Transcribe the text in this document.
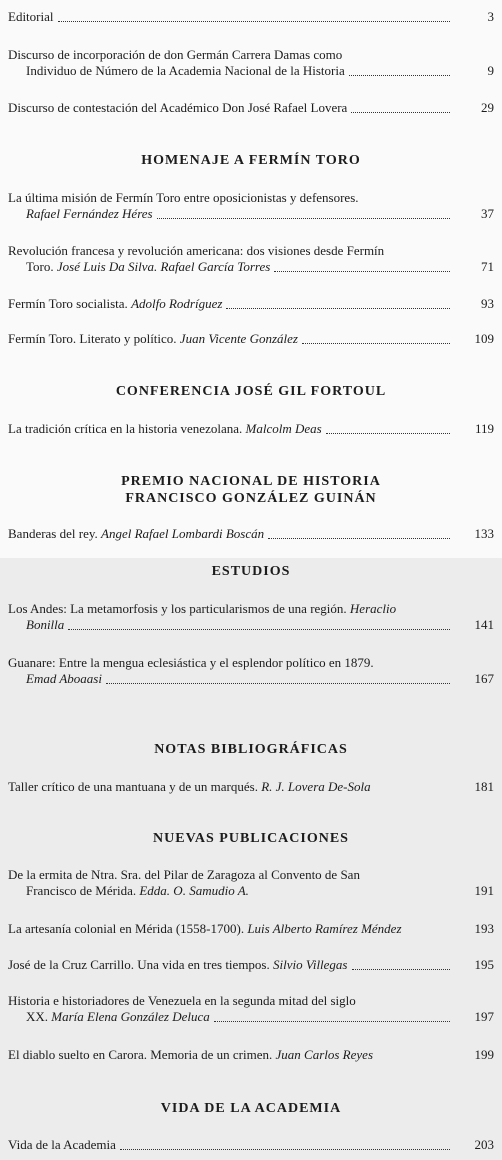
Editorial	3
Discurso de incorporación de don Germán Carrera Damas como
Individuo de Número de la Academia Nacional de la Historia	9
Discurso de contestación del Académico Don José Rafael Lovera	29
HOMENAJE A FERMÍN TORO
La última misión de Fermín Toro entre oposicionistas y defensores.
Rafael Fernández Héres	37
Revolución francesa y revolución americana: dos visiones desde Fermín
Toro.
José Luis Da Silva. Rafael García Torres	71
Fermín Toro socialista.
Adolfo Rodríguez	93
Fermín Toro. Literato y político.
Juan Vicente González	109
CONFERENCIA JOSÉ GIL FORTOUL
La tradición crítica en la historia venezolana.
Malcolm Deas	119
PREMIO NACIONAL DE HISTORIA
FRANCISCO GONZÁLEZ GUINÁN
Banderas del rey.
Angel Rafael Lombardi Boscán	133
ESTUDIOS
Los Andes: La metamorfosis y los particularismos de una región.
Heraclio
Bonilla	141
Guanare: Entre la mengua eclesiástica y el esplendor político en 1879.
Emad Aboaasi	167
NOTAS BIBLIOGRÁFICAS
Taller crítico de una mantuana y de un marqués.
R. J. Lovera De-Sola	181
NUEVAS PUBLICACIONES
De la ermita de Ntra. Sra. del Pilar de Zaragoza al Convento de San
Francisco de Mérida.
Edda. O. Samudio A.	191
La artesanía colonial en Mérida (1558-1700).
Luis Alberto Ramírez Méndez	193
José de la Cruz Carrillo. Una vida en tres tiempos.
Silvio Villegas	195
Historia e historiadores de Venezuela en la segunda mitad del siglo
XX.
María Elena González Deluca	197
El diablo suelto en Carora. Memoria de un crimen.
Juan Carlos Reyes	199
VIDA DE LA ACADEMIA
Vida de la Academia	203
